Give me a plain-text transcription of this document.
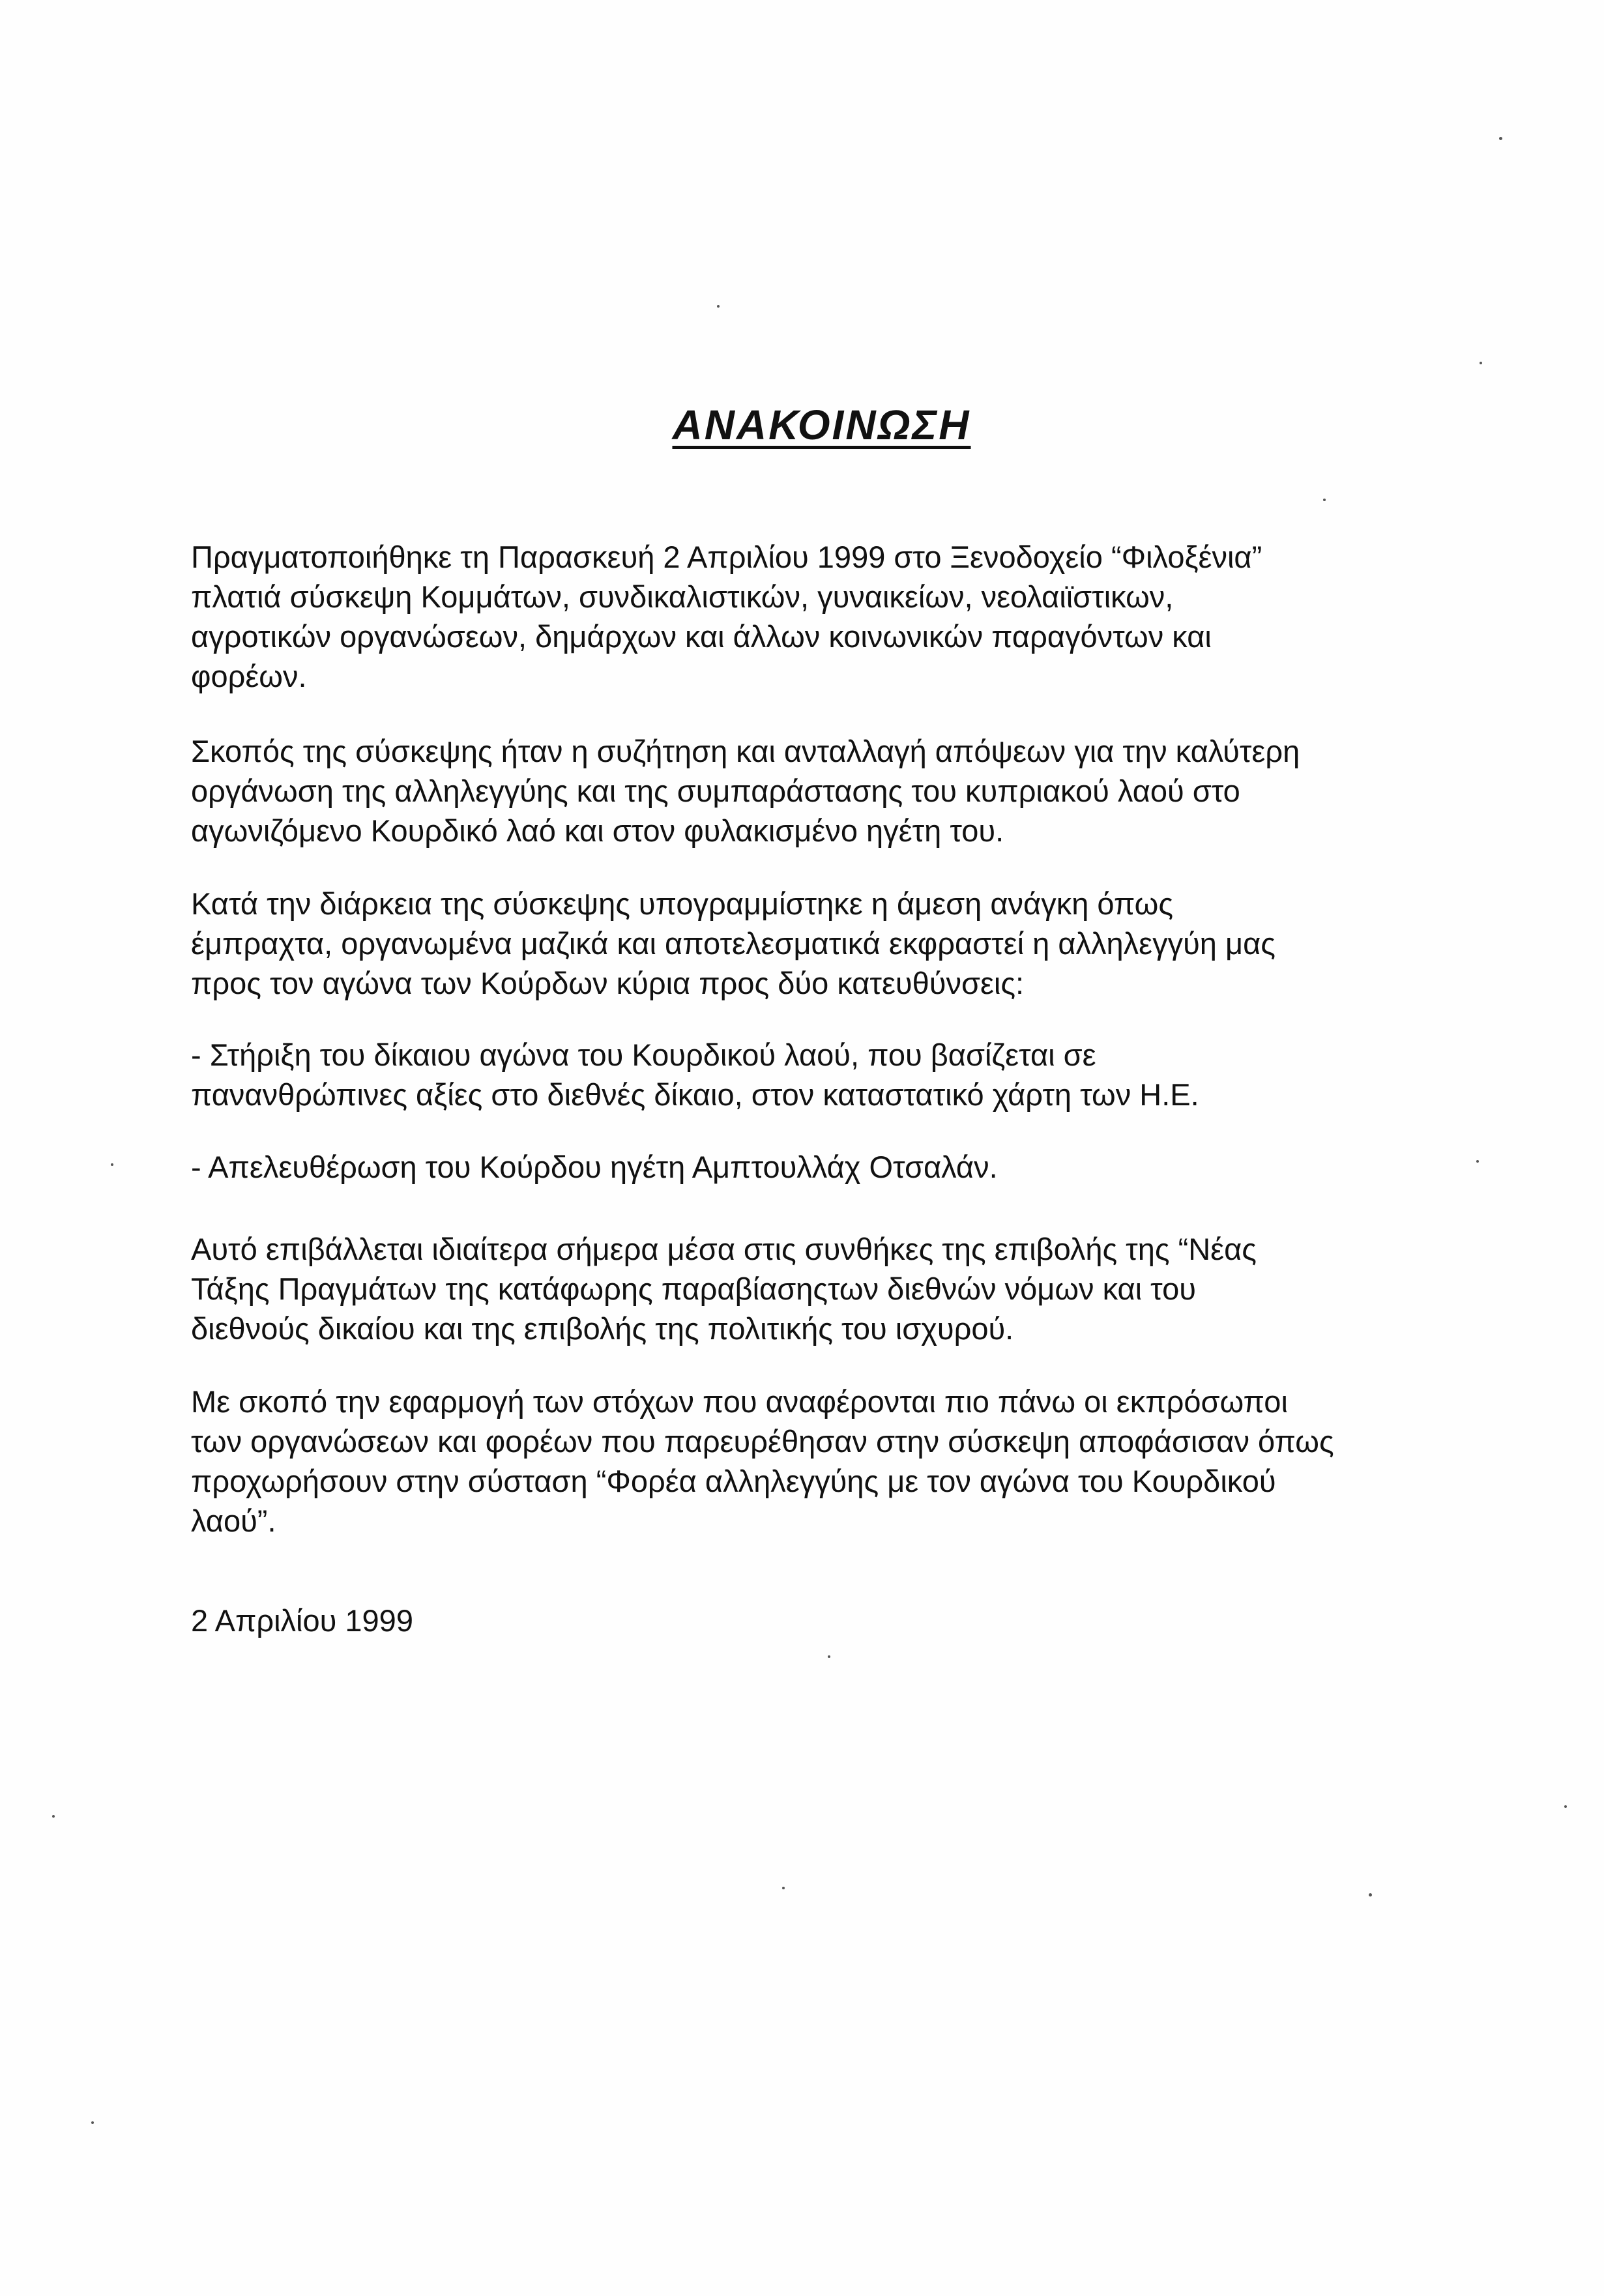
ΑΝΑΚΟΙΝΩΣΗ
Πραγματοποιήθηκε τη Παρασκευή 2 Απριλίου 1999 στο Ξενοδοχείο “Φιλοξένια”
πλατιά σύσκεψη Κομμάτων, συνδικαλιστικών, γυναικείων, νεολαιϊστικων,
αγροτικών οργανώσεων, δημάρχων και άλλων κοινωνικών παραγόντων και
φορέων.
Σκοπός της σύσκεψης ήταν η συζήτηση και ανταλλαγή απόψεων για την καλύτερη
οργάνωση της αλληλεγγύης και της συμπαράστασης του κυπριακού λαού στο
αγωνιζόμενο Κουρδικό λαό και στον φυλακισμένο ηγέτη του.
Κατά την διάρκεια της σύσκεψης υπογραμμίστηκε η άμεση ανάγκη όπως
έμπραχτα, οργανωμένα μαζικά και αποτελεσματικά εκφραστεί η αλληλεγγύη μας
προς τον αγώνα των Κούρδων κύρια προς δύο κατευθύνσεις:
- Στήριξη του δίκαιου αγώνα του Κουρδικού λαού, που βασίζεται σε
πανανθρώπινες αξίες στο διεθνές δίκαιο, στον καταστατικό χάρτη των Η.Ε.
- Απελευθέρωση του Κούρδου ηγέτη Αμπτουλλάχ Οτσαλάν.
Αυτό επιβάλλεται ιδιαίτερα σήμερα μέσα στις συνθήκες της επιβολής της “Νέας
Τάξης Πραγμάτων της κατάφωρης παραβίασηςτων διεθνών νόμων και του
διεθνούς δικαίου και της επιβολής της πολιτικής του ισχυρού.
Με σκοπό την εφαρμογή των στόχων που αναφέρονται πιο πάνω οι εκπρόσωποι
των οργανώσεων και φορέων που παρευρέθησαν στην σύσκεψη αποφάσισαν όπως
προχωρήσουν στην σύσταση “Φορέα αλληλεγγύης με τον αγώνα του Κουρδικού
λαού”.
2 Απριλίου 1999
